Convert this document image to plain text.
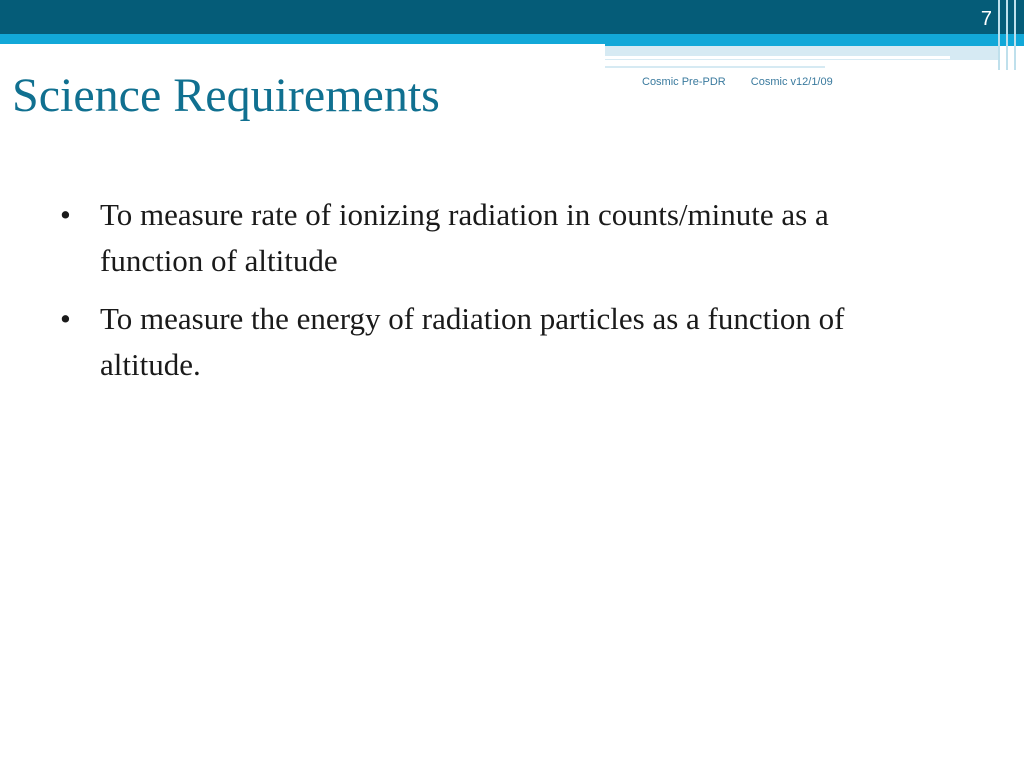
7
Science Requirements	Cosmic Pre-PDR Cosmic v12/1/09
• To measure rate of ionizing radiation in counts/minute as a function of altitude
• To measure the energy of radiation particles as a function of altitude.
